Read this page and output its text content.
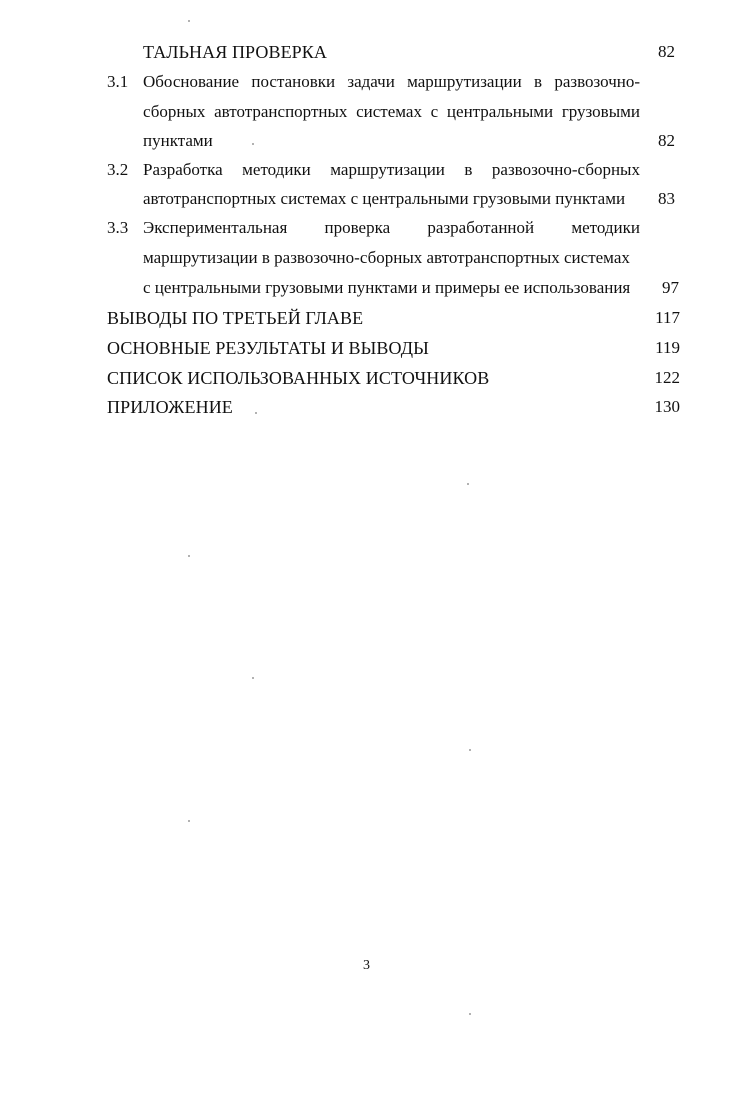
ТАЛЬНАЯ ПРОВЕРКА	82
3.1 Обоснование постановки задачи маршрутизации в развозочно-
сборных автотранспортных системах с центральными грузовыми
пунктами	82
3.2 Разработка методики маршрутизации в развозочно-сборных
автотранспортных системах с центральными грузовыми пунктами	83
3.3 Экспериментальная проверка разработанной методики
маршрутизации в развозочно-сборных автотранспортных системах
с центральными грузовыми пунктами и примеры ее использования	97
ВЫВОДЫ ПО ТРЕТЬЕЙ ГЛАВЕ	117
ОСНОВНЫЕ РЕЗУЛЬТАТЫ И ВЫВОДЫ	119
СПИСОК ИСПОЛЬЗОВАННЫХ ИСТОЧНИКОВ	122
ПРИЛОЖЕНИЕ	130
3
